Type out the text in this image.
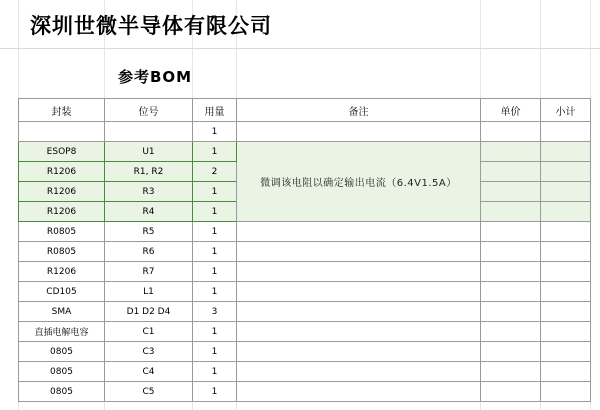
深圳世微半导体有限公司
参考BOM
封装	位号	用量	备注	单价	小计
		1			
ESOP8	U1	1	微调该电阻以确定输出电流（6.4V1.5A）		
R1206	R1, R2	2			
R1206	R3	1			
R1206	R4	1			
R0805	R5	1			
R0805	R6	1			
R1206	R7	1			
CD105	L1	1			
SMA	D1 D2 D4	3			
直插电解电容	C1	1			
0805	C3	1			
0805	C4	1			
0805	C5	1			
